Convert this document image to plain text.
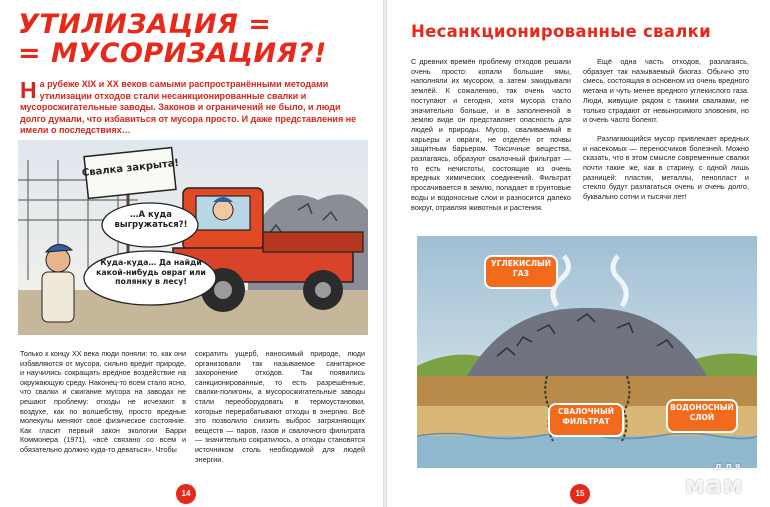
УТИЛИЗАЦИЯ =
= МУСОРИЗАЦИЯ?!

На рубеже XIX и XX веков самыми распространёнными методами утилизации отходов стали несанкционированные свалки и мусоросжигательные заводы. Законов и ограничений не было, и люди долго думали, что избавиться от мусора просто. И даже представления не имели о последствиях…

Свалка закрыта!
…А куда выгружаться?!
Куда-куда… Да найди какой-нибудь овраг или полянку в лесу!
Только к концу XX века люди поняли: то, как они избавляются от мусора, сильно вредит природе, и научились сокращать вредное воздействие на окружающую среду. Наконец-то всем стало ясно, что свалки и сжигание мусора на заводах не решают проблему: отходы не исчезают в воздухе, как по волшебству, просто вредные молекулы меняют своё физическое состояние. Как гласит первый закон экологии Барри Коммонера (1971), «всё связано со всем и обязательно должно куда-то деваться». Чтобы
сократить ущерб, наносимый природе, люди организовали так называемое санитарное захоронение отходов. Так появились санкционированные, то есть разрешённые, свалки-полигоны, а мусоросжигательные заводы стали переоборудовать в термоустановки, которые перерабатывают отходы в энергию. Всё это позволило снизить выброс загрязняющих веществ — паров, газов и свалочного фильтрата — значительно сократилось, а отходы становятся источником столь необходимой для людей энергии.
14
Несанкционированные свалки

С древних времён проблему отходов решали очень просто: копали большие ямы, наполняли их мусором, а затем закидывали землёй. К сожалению, так очень часто поступают и сегодня, хотя мусора стало значительно больше, и в заполненной в землю виде он представляет опасность для людей и природы. Мусор, сваливаемый в карьеры и овраги, не отделён от почвы защитным барьером. Токсичные вещества, разлагаясь, образуют свалочный фильтрат — то есть нечистоты, состоящие из очень вредных химических соединений. Фильтрат просачивается в землю, попадает в грунтовые воды и водоносные слои и разносится далеко вокруг, отравляя животных и растения.

Ещё одна часть отходов, разлагаясь, образует так называемый биогаз. Обычно это смесь, состоящая в основном из очень вредного метана и чуть менее вредного углекислого газа. Люди, живущие рядом с такими свалками, не только страдают от невыносимого зловония, но и очень часто болеют.

Разлагающийся мусор привлекает вредных и насекомых — переносчиков болезней. Можно сказать, что в этом смысле современные свалки почти такие же, как в старину, с одной лишь разницей: пластик, металлы, пенопласт и стекло будут разлагаться очень и очень долго, буквально сотни и тысячи лет!

УГЛЕКИСЛЫЙ ГАЗ
СВАЛОЧНЫЙ ФИЛЬТРАТ
ВОДОНОСНЫЙ СЛОЙ
15
для
мам
